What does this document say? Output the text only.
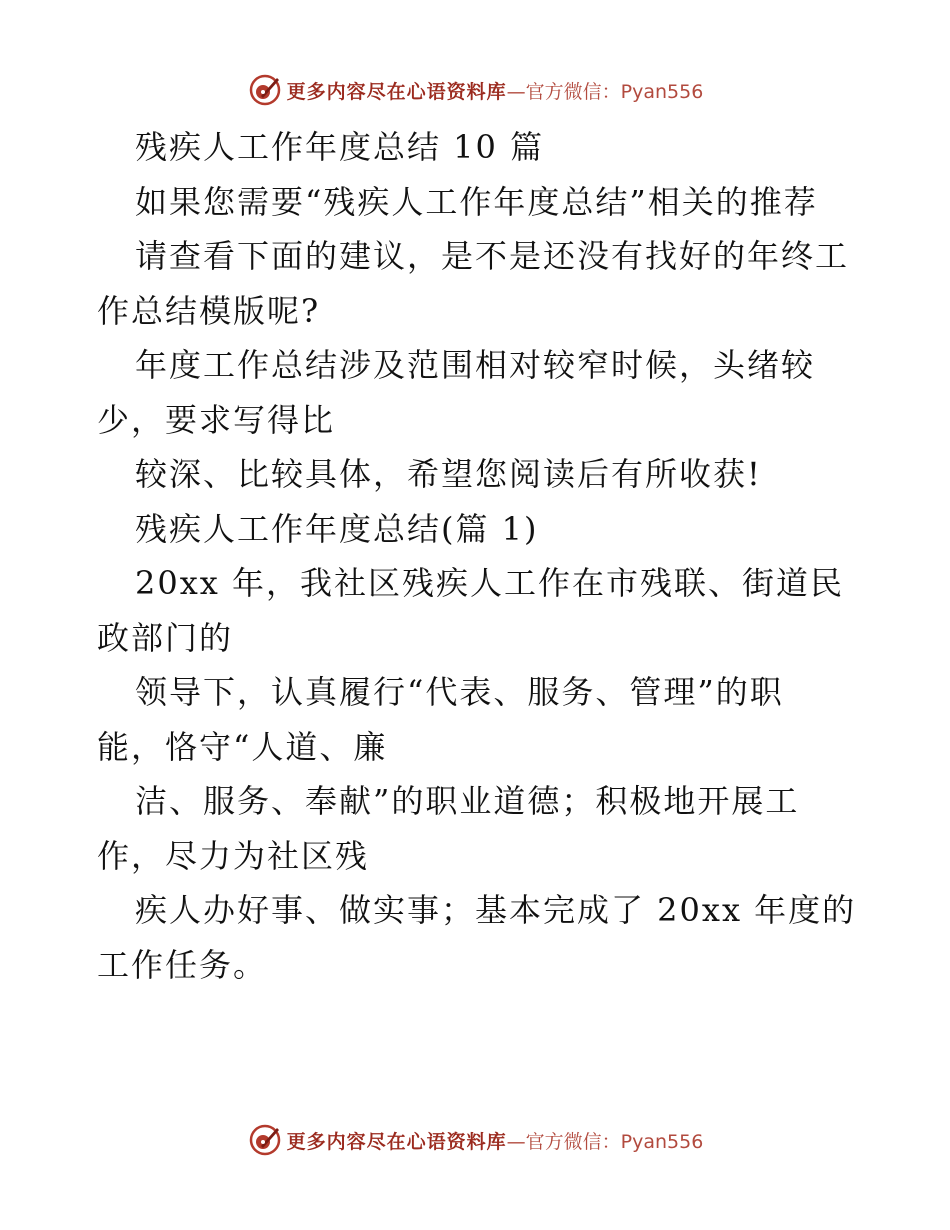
更多内容尽在心语资料库 —官方微信：Pyan556
残疾人工作年度总结 10 篇
如果您需要“残疾人工作年度总结”相关的推荐
请查看下面的建议，是不是还没有找好的年终工
作总结模版呢?
年度工作总结涉及范围相对较窄时候，头绪较
少，要求写得比
较深、比较具体，希望您阅读后有所收获!
残疾人工作年度总结(篇 1)
20xx 年，我社区残疾人工作在市残联、街道民
政部门的
领导下，认真履行“代表、服务、管理”的职
能，恪守“人道、廉
洁、服务、奉献”的职业道德；积极地开展工
作，尽力为社区残
疾人办好事、做实事；基本完成了 20xx 年度的
工作任务。
更多内容尽在心语资料库 —官方微信：Pyan556
